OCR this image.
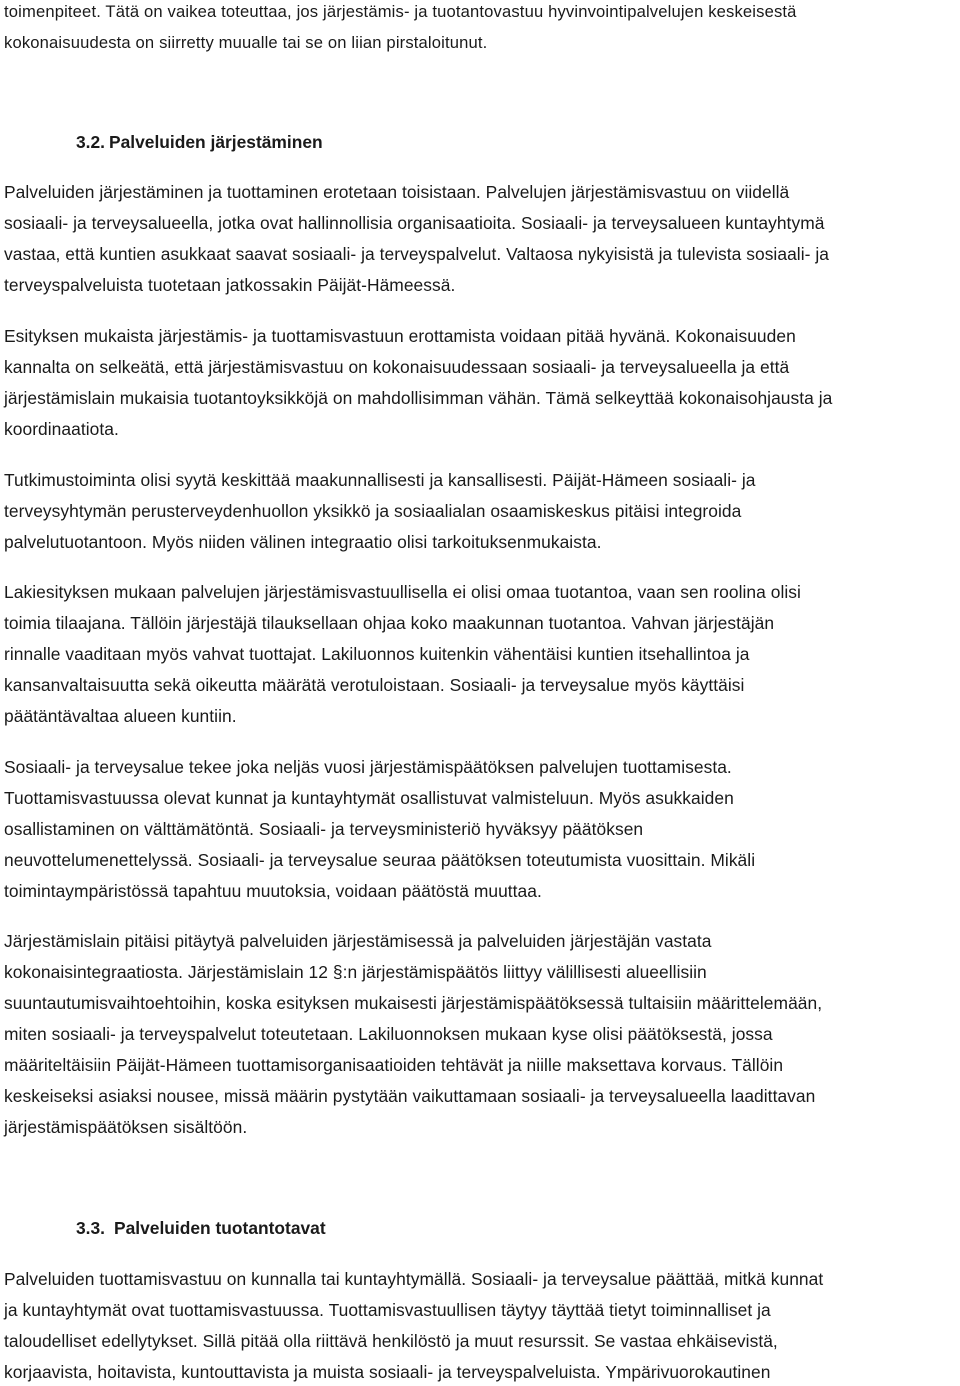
toimenpiteet. Tätä on vaikea toteuttaa, jos järjestämis- ja tuotantovastuu hyvinvointipalvelujen keskeisestä
kokonaisuudesta on siirretty muualle tai se on liian pirstaloitunut.
3.2. Palveluiden järjestäminen
Palveluiden järjestäminen ja tuottaminen erotetaan toisistaan. Palvelujen järjestämisvastuu on viidellä
sosiaali- ja terveysalueella, jotka ovat hallinnollisia organisaatioita. Sosiaali- ja terveysalueen kuntayhtymä
vastaa, että kuntien asukkaat saavat sosiaali- ja terveyspalvelut. Valtaosa nykyisistä ja tulevista sosiaali- ja
terveyspalveluista tuotetaan jatkossakin Päijät-Hämeessä.
Esityksen mukaista järjestämis- ja tuottamisvastuun erottamista voidaan pitää hyvänä. Kokonaisuuden
kannalta on selkeätä, että järjestämisvastuu on kokonaisuudessaan sosiaali- ja terveysalueella ja että
järjestämislain mukaisia tuotantoyksikköjä on mahdollisimman vähän. Tämä selkeyttää kokonaisohjausta ja
koordinaatiota.
Tutkimustoiminta olisi syytä keskittää maakunnallisesti ja kansallisesti. Päijät-Hämeen sosiaali- ja
terveysyhtymän perusterveydenhuollon yksikkö ja sosiaalialan osaamiskeskus pitäisi integroida
palvelutuotantoon. Myös niiden välinen integraatio olisi tarkoituksenmukaista.
Lakiesityksen mukaan palvelujen järjestämisvastuullisella ei olisi omaa tuotantoa, vaan sen roolina olisi
toimia tilaajana. Tällöin järjestäjä tilauksellaan ohjaa koko maakunnan tuotantoa. Vahvan järjestäjän
rinnalle vaaditaan myös vahvat tuottajat. Lakiluonnos kuitenkin vähentäisi kuntien itsehallintoa ja
kansanvaltaisuutta sekä oikeutta määrätä verotuloistaan. Sosiaali- ja terveysalue myös käyttäisi
päätäntävaltaa alueen kuntiin.
Sosiaali- ja terveysalue tekee joka neljäs vuosi järjestämispäätöksen palvelujen tuottamisesta.
Tuottamisvastuussa olevat kunnat ja kuntayhtymät osallistuvat valmisteluun. Myös asukkaiden
osallistaminen on välttämätöntä. Sosiaali- ja terveysministeriö hyväksyy päätöksen
neuvottelumenettelyssä. Sosiaali- ja terveysalue seuraa päätöksen toteutumista vuosittain. Mikäli
toimintaympäristössä tapahtuu muutoksia, voidaan päätöstä muuttaa.
Järjestämislain pitäisi pitäytyä palveluiden järjestämisessä ja palveluiden järjestäjän vastata
kokonaisintegraatiosta. Järjestämislain 12 §:n järjestämispäätös liittyy välillisesti alueellisiin
suuntautumisvaihtoehtoihin, koska esityksen mukaisesti järjestämispäätöksessä tultaisiin määrittelemään,
miten sosiaali- ja terveyspalvelut toteutetaan. Lakiluonnoksen mukaan kyse olisi päätöksestä, jossa
määriteltäisiin Päijät-Hämeen tuottamisorganisaatioiden tehtävät ja niille maksettava korvaus. Tällöin
keskeiseksi asiaksi nousee, missä määrin pystytään vaikuttamaan sosiaali- ja terveysalueella laadittavan
järjestämispäätöksen sisältöön.
3.3. Palveluiden tuotantotavat
Palveluiden tuottamisvastuu on kunnalla tai kuntayhtymällä. Sosiaali- ja terveysalue päättää, mitkä kunnat
ja kuntayhtymät ovat tuottamisvastuussa. Tuottamisvastuullisen täytyy täyttää tietyt toiminnalliset ja
taloudelliset edellytykset. Sillä pitää olla riittävä henkilöstö ja muut resurssit. Se vastaa ehkäisevistä,
korjaavista, hoitavista, kuntouttavista ja muista sosiaali- ja terveyspalveluista. Ympärivuorokautinen
